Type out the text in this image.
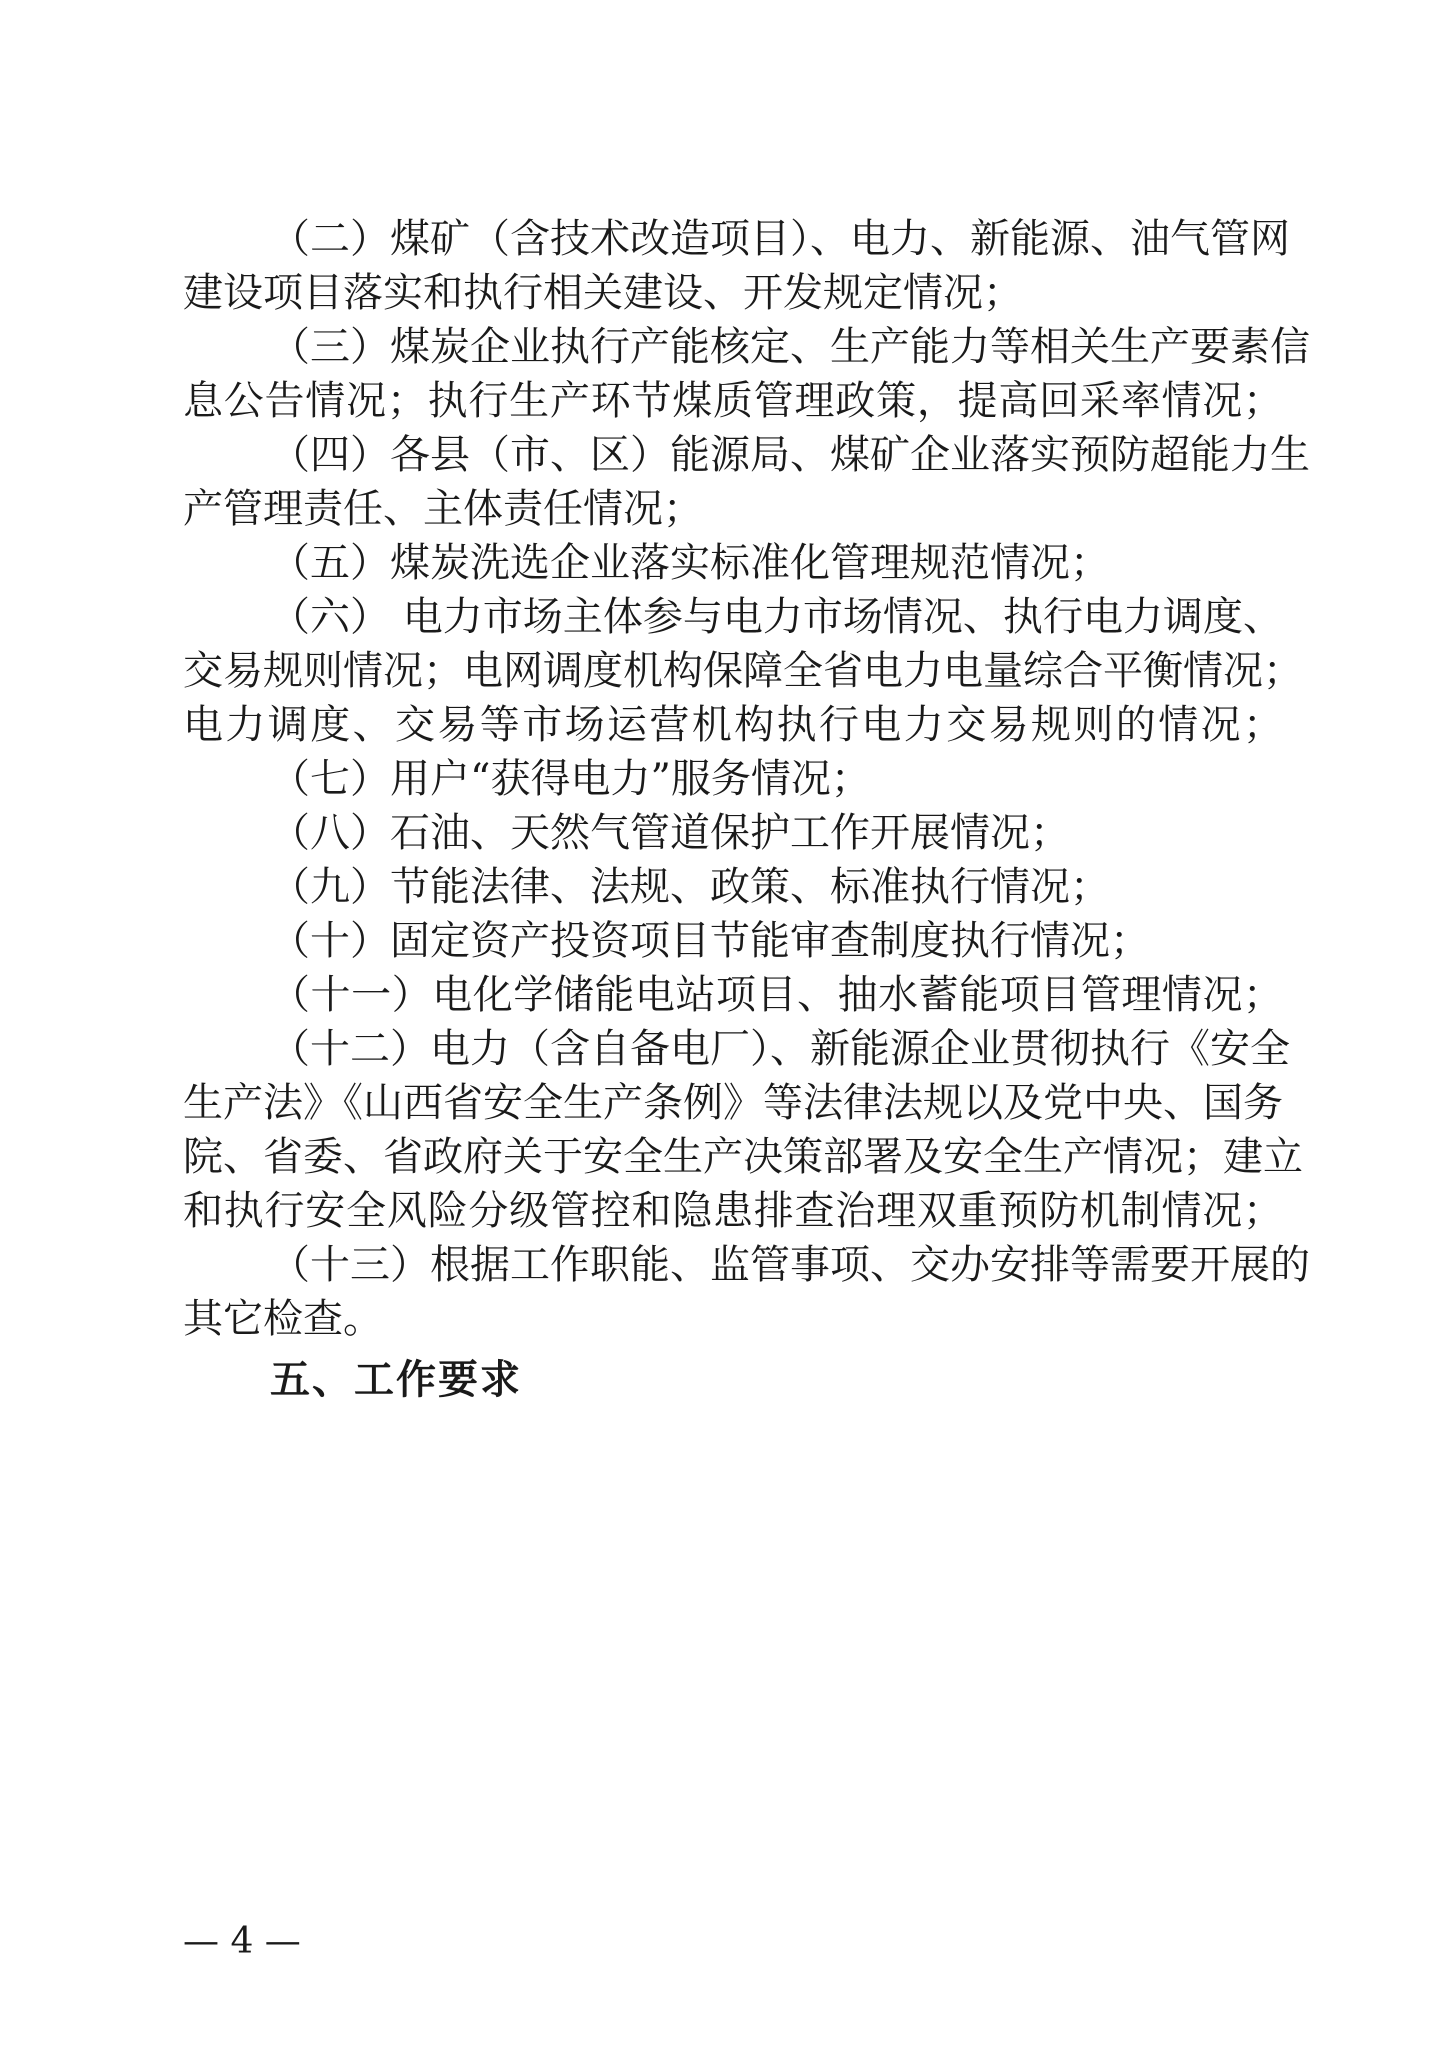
（二）煤矿（含技术改造项目）、电力、新能源、油气管网
建设项目落实和执行相关建设、开发规定情况；
（三）煤炭企业执行产能核定、生产能力等相关生产要素信
息公告情况；执行生产环节煤质管理政策，提高回采率情况；
（四）各县（市、区）能源局、煤矿企业落实预防超能力生
产管理责任、主体责任情况；
（五）煤炭洗选企业落实标准化管理规范情况；
（六） 电力市场主体参与电力市场情况、执行电力调度、
交易规则情况；电网调度机构保障全省电力电量综合平衡情况；
电力调度、交易等市场运营机构执行电力交易规则的情况；
（七）用户“获得电力”服务情况；
（八）石油、天然气管道保护工作开展情况；
（九）节能法律、法规、政策、标准执行情况；
（十）固定资产投资项目节能审查制度执行情况；
（十一）电化学储能电站项目、抽水蓄能项目管理情况；
（十二）电力（含自备电厂）、新能源企业贯彻执行《安全
生产法》《山西省安全生产条例》等法律法规以及党中央、国务
院、省委、省政府关于安全生产决策部署及安全生产情况；建立
和执行安全风险分级管控和隐患排查治理双重预防机制情况；
（十三）根据工作职能、监管事项、交办安排等需要开展的
其它检查。
五、工作要求
— 4 —
